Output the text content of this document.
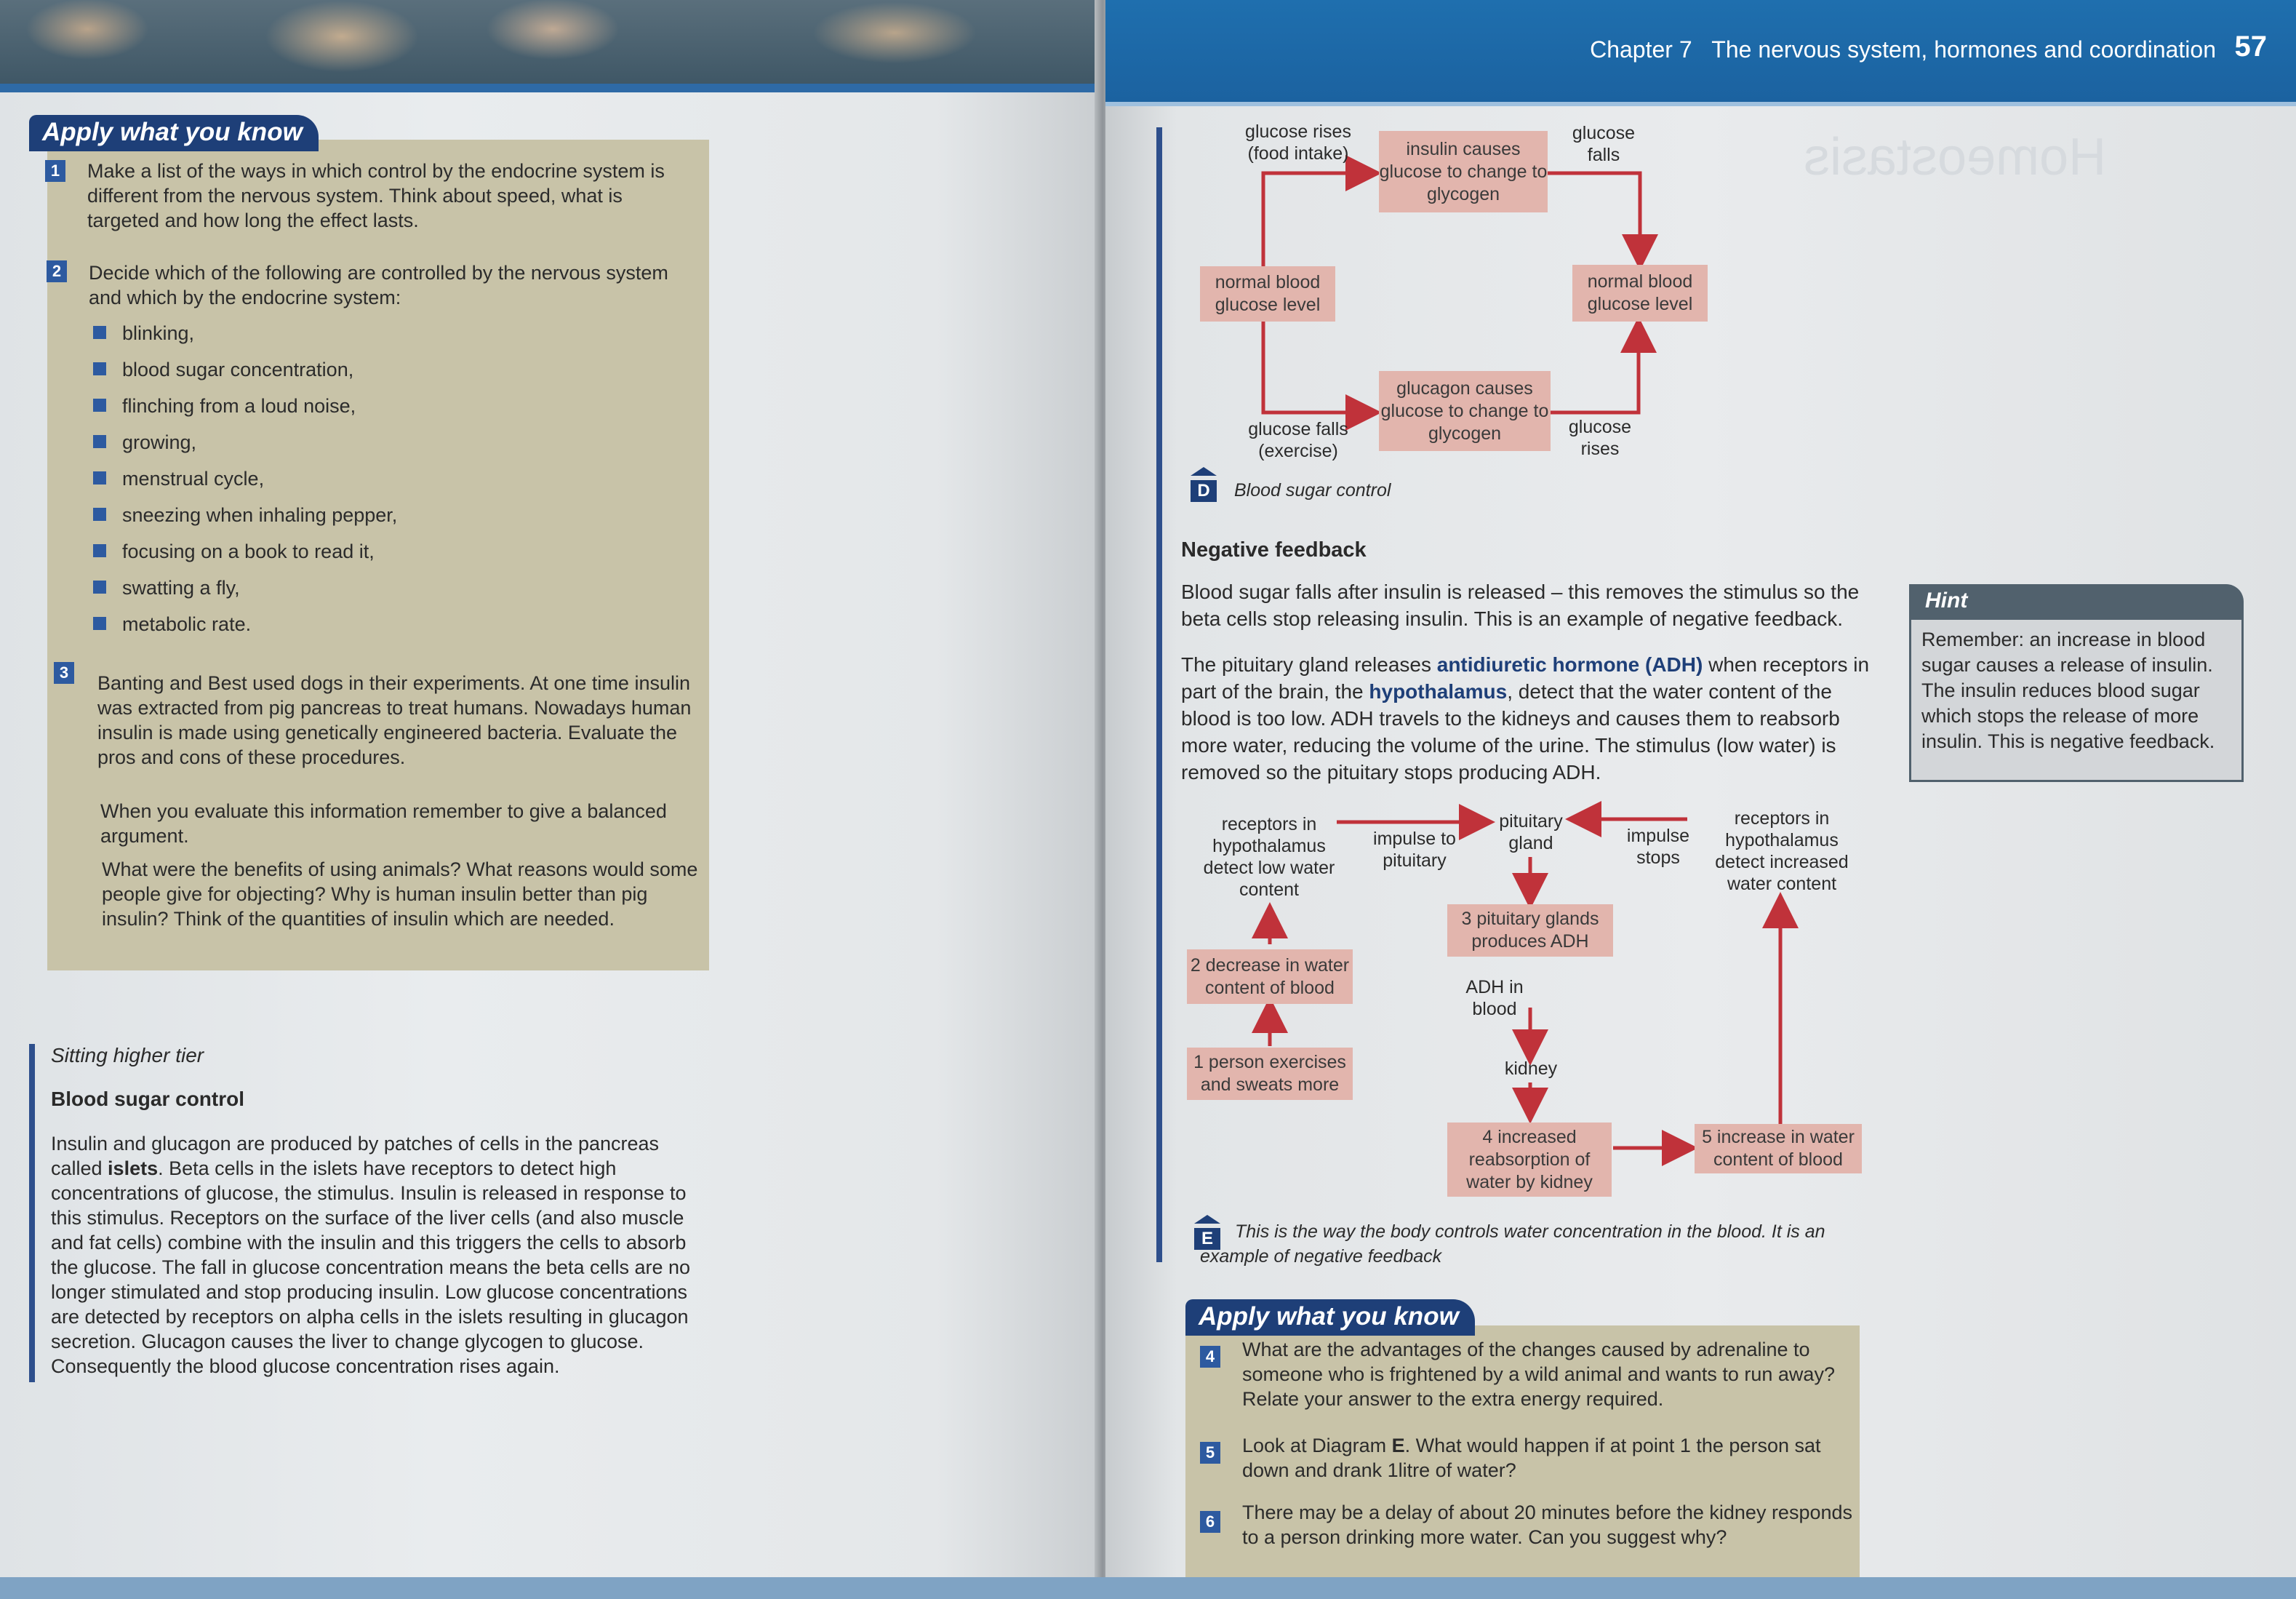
Apply what you know
1 Make a list of the ways in which control by the endocrine system is different from the nervous system. Think about speed, what is targeted and how long the effect lasts.
2 Decide which of the following are controlled by the nervous system and which by the endocrine system:
blinking,
blood sugar concentration,
flinching from a loud noise,
growing,
menstrual cycle,
sneezing when inhaling pepper,
focusing on a book to read it,
swatting a fly,
metabolic rate.
3 Banting and Best used dogs in their experiments. At one time insulin was extracted from pig pancreas to treat humans. Nowadays human insulin is made using genetically engineered bacteria. Evaluate the pros and cons of these procedures.
When you evaluate this information remember to give a balanced argument.
What were the benefits of using animals? What reasons would some people give for objecting? Why is human insulin better than pig insulin? Think of the quantities of insulin which are needed.
Sitting higher tier
Blood sugar control
Insulin and glucagon are produced by patches of cells in the pancreas called islets. Beta cells in the islets have receptors to detect high concentrations of glucose, the stimulus. Insulin is released in response to this stimulus. Receptors on the surface of the liver cells (and also muscle and fat cells) combine with the insulin and this triggers the cells to absorb the glucose. The fall in glucose concentration means the beta cells are no longer stimulated and stop producing insulin. Low glucose concentrations are detected by receptors on alpha cells in the islets resulting in glucagon secretion. Glucagon causes the liver to change glycogen to glucose. Consequently the blood glucose concentration rises again.
Chapter 7 The nervous system, hormones and coordination 57
Homeostasis
glucose rises (food intake)	insulin causes glucose to change to glycogen
glucose falls
normal blood glucose level
normal blood glucose level
glucagon causes glucose to change to glycogen
glucose falls (exercise)
glucose rises
D	Blood sugar control
Negative feedback
Blood sugar falls after insulin is released – this removes the stimulus so the beta cells stop releasing insulin. This is an example of negative feedback.
The pituitary gland releases antidiuretic hormone (ADH) when receptors in part of the brain, the hypothalamus, detect that the water content of the blood is too low. ADH travels to the kidneys and causes them to reabsorb more water, reducing the volume of the urine. The stimulus (low water) is removed so the pituitary stops producing ADH.
Hint
Remember: an increase in blood sugar causes a release of insulin. The insulin reduces blood sugar which stops the release of more insulin. This is negative feedback.
receptors in hypothalamus detect low water content
impulse to pituitary
pituitary gland	impulse stops
receptors in hypothalamus detect increased water content
2 decrease in water content of blood
3 pituitary glands produces ADH
ADH in blood
1 person exercises and sweats more
kidney
4 increased reabsorption of water by kidney
5 increase in water content of blood
E	This is the way the body controls water concentration in the blood. It is an example of negative feedback
Apply what you know
4 What are the advantages of the changes caused by adrenaline to someone who is frightened by a wild animal and wants to run away? Relate your answer to the extra energy required.
5 Look at Diagram E. What would happen if at point 1 the person sat down and drank 1litre of water?
6 There may be a delay of about 20 minutes before the kidney responds to a person drinking more water. Can you suggest why?
